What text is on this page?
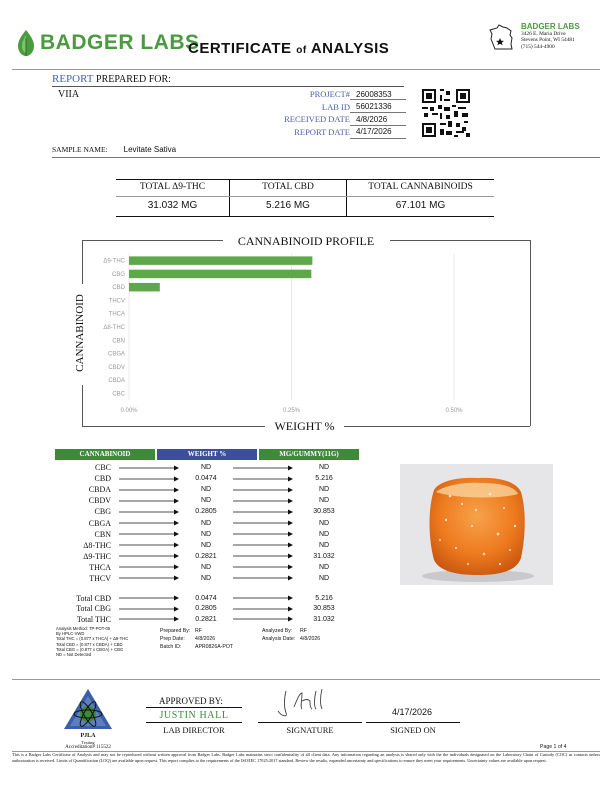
BADGER LABS
CERTIFICATE of ANALYSIS
BADGER LABS
3426 E. Maria Drive
Stevens Point, WI 54481
(715) 544-4900
REPORT PREPARED FOR:
VIIA	PROJECT# 26008353
LAB ID 56021336
RECEIVED DATE 4/8/2026
REPORT DATE 4/17/2026
SAMPLE NAME: Levitate Sativa
TOTAL Δ9-THC	TOTAL CBD	TOTAL CANNABINOIDS
31.032 MG	5.216 MG	67.101 MG
CANNABINOID PROFILE
WEIGHT %
CANNABINOID
0.00%	0.25%	0.50%
Δ9-THC
CBG
CBD
THCV
THCA
Δ8-THC
CBN
CBGA
CBDV
CBDA
CBC
CANNABINOID	WEIGHT %	MG/GUMMY(11G)
CBC	ND	ND
CBD	0.0474	5.216
CBDA	ND	ND
CBDV	ND	ND
CBG	0.2805	30.853
CBGA	ND	ND
CBN	ND	ND
Δ8-THC	ND	ND
Δ9-THC	0.2821	31.032
THCA	ND	ND
THCV	ND	ND
Total CBD	0.0474	5.216
Total CBG	0.2805	30.853
Total THC	0.2821	31.032
Analysis Method: TP-POT-05
By HPLC-VWD
Total THC = (0.877 x THCA) + Δ9-THC
Total CBD = (0.877 x CBDA) + CBD
Total CBG = (0.877 x CBGA) + CBG
ND = Not Detected
Prepared By: RF
Prep Date:	4/8/2026
Batch ID:	APR0826A-POT
Analyzed By:	RF
Analysis Date: 4/8/2026
PJLA
Testing
Accreditation# 115522
APPROVED BY:
JUSTIN HALL
LAB DIRECTOR	SIGNATURE
4/17/2026
SIGNED ON
Page 1 of 4
This is a Badger Labs Certificate of Analysis and may not be reproduced without written approval from Badger Labs. Badger Labs maintains strict confidentiality of all client data. Any information regarding an analysis is shared only with the the individuals designated on the Laboratory Chain of Custody (COC) as contacts unless authorization is received. Limits of Quantification (LOQ) are available upon request. This report complies to the requirements of the ISO/IEC 17025:2017 standard. Review the results, expanded uncertainty and specifications to ensure they meet your requirements. Uncertainty values are available upon request.
